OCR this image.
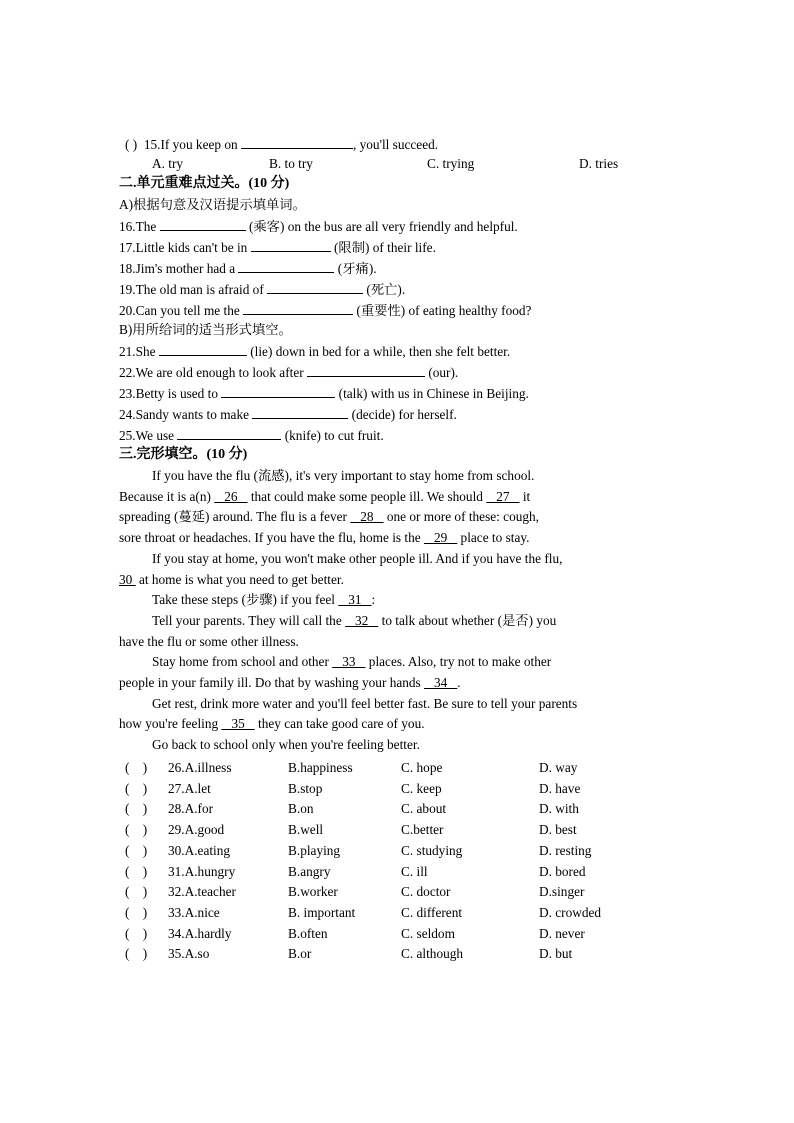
( ) 15.If you keep on	, you'll succeed.
A. try	B. to try	C. trying	D. tries
二.单元重难点过关。(10 分)
A)根据句意及汉语提示填单词。
16.The	(乘客) on the bus are all very friendly and helpful.
17.Little kids can't be in	(限制) of their life.
18.Jim's mother had a	(牙痛).
19.The old man is afraid of	(死亡).
20.Can you tell me the	(重要性) of eating healthy food?
B)用所给词的适当形式填空。
21.She	(lie) down in bed for a while, then she felt better.
22.We are old enough to look after	(our).
23.Betty is used to	(talk) with us in Chinese in Beijing.
24.Sandy wants to make	(decide) for herself.
25.We use	(knife) to cut fruit.
三.完形填空。(10 分)
If you have the flu (流感), it's very important to stay home from school.
Because it is a(n)    26    that could make some people ill. We should    27    it
spreading (蔓延) around. The flu is a fever    28    one or more of these: cough,
sore throat or headaches. If you have the flu, home is the    29    place to stay.
If you stay at home, you won't make other people ill. And if you have the flu,
30  at home is what you need to get better.
Take these steps (步骤) if you feel    31   :
Tell your parents. They will call the    32    to talk about whether (是否) you
have the flu or some other illness.
Stay home from school and other    33    places. Also, try not to make other
people in your family ill. Do that by washing your hands    34   .
Get rest, drink more water and you'll feel better fast. Be sure to tell your parents
how you're feeling    35    they can take good care of you.
Go back to school only when you're feeling better.
(    ) 26.A.illness	B.happiness	C. hope	D. way
(    ) 27.A.let	B.stop	C. keep	D. have
(    ) 28.A.for	B.on	C. about	D. with
(    ) 29.A.good	B.well	C.better	D. best
(    ) 30.A.eating	B.playing	C. studying	D. resting
(    ) 31.A.hungry	B.angry	C. ill	D. bored
(    ) 32.A.teacher	B.worker	C. doctor	D.singer
(    ) 33.A.nice	B. important	C. different	D. crowded
(    ) 34.A.hardly	B.often	C. seldom	D. never
(    ) 35.A.so	B.or	C. although	D. but
